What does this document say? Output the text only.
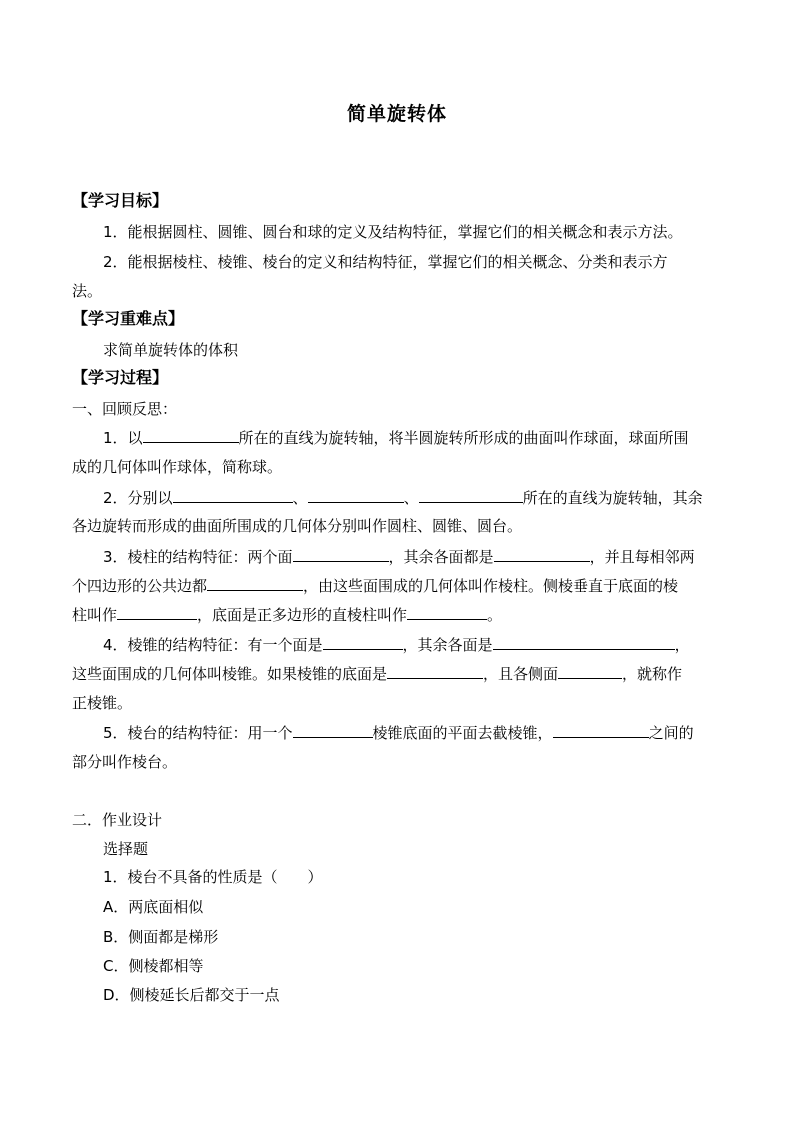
简单旋转体
【学习目标】
1．能根据圆柱、圆锥、圆台和球的定义及结构特征，掌握它们的相关概念和表示方法。
2．能根据棱柱、棱锥、棱台的定义和结构特征，掌握它们的相关概念、分类和表示方
法。
【学习重难点】
求简单旋转体的体积
【学习过程】
一、回顾反思：
1．以	所在的直线为旋转轴，将半圆旋转所形成的曲面叫作球面，球面所围
成的几何体叫作球体，简称球。
2．分别以	、	、	所在的直线为旋转轴，其余
各边旋转而形成的曲面所围成的几何体分别叫作圆柱、圆锥、圆台。
3．棱柱的结构特征：两个面	，其余各面都是	，并且每相邻两
个四边形的公共边都	，由这些面围成的几何体叫作棱柱。侧棱垂直于底面的棱
柱叫作	，底面是正多边形的直棱柱叫作	。
4．棱锥的结构特征：有一个面是	，其余各面是	，
这些面围成的几何体叫棱锥。如果棱锥的底面是	，且各侧面	，就称作
正棱锥。
5．棱台的结构特征：用一个	棱锥底面的平面去截棱锥，	之间的
部分叫作棱台。
二．作业设计
选择题
1．棱台不具备的性质是（　　）
A．两底面相似
B．侧面都是梯形
C．侧棱都相等
D．侧棱延长后都交于一点
